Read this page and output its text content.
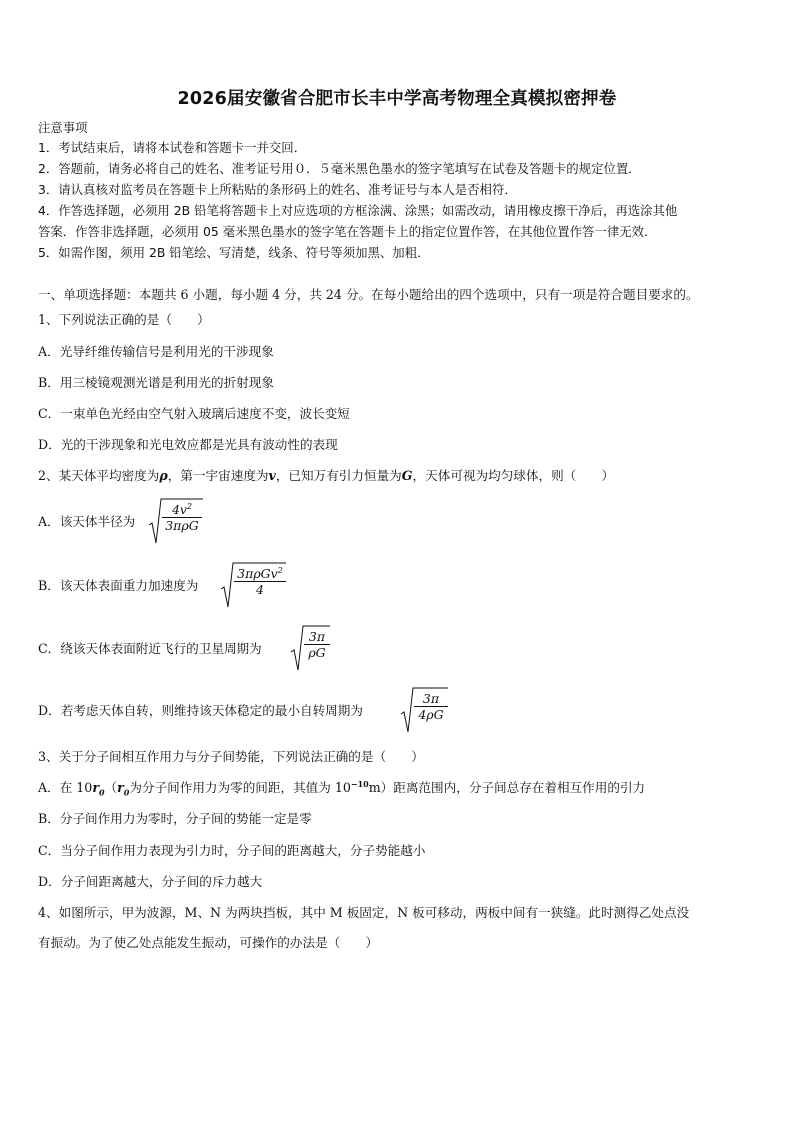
2026届安徽省合肥市长丰中学高考物理全真模拟密押卷
注意事项
1．考试结束后，请将本试卷和答题卡一并交回．
2．答题前，请务必将自己的姓名、准考证号用０．５毫米黑色墨水的签字笔填写在试卷及答题卡的规定位置．
3．请认真核对监考员在答题卡上所粘贴的条形码上的姓名、准考证号与本人是否相符．
4．作答选择题，必须用 2B 铅笔将答题卡上对应选项的方框涂满、涂黑；如需改动，请用橡皮擦干净后，再选涂其他
答案．作答非选择题，必须用 05 毫米黑色墨水的签字笔在答题卡上的指定位置作答，在其他位置作答一律无效．
5．如需作图，须用 2B 铅笔绘、写清楚，线条、符号等须加黑、加粗．
一、单项选择题：本题共 6 小题，每小题 4 分，共 24 分。在每小题给出的四个选项中，只有一项是符合题目要求的。
1、下列说法正确的是（　　）
A．光导纤维传输信号是利用光的干涉现象
B．用三棱镜观测光谱是利用光的折射现象
C．一束单色光经由空气射入玻璃后速度不变，波长变短
D．光的干涉现象和光电效应都是光具有波动性的表现
2、某天体平均密度为ρ，第一宇宙速度为v，已知万有引力恒量为G，天体可视为均匀球体，则（　　）
A．该天体半径为
$4v^2$
3πρG
B．该天体表面重力加速度为
3πρGv$^2$
4
C．绕该天体表面附近飞行的卫星周期为
3π
ρG
D．若考虑天体自转，则维持该天体稳定的最小自转周期为
3π
4ρG
3、关于分子间相互作用力与分子间势能，下列说法正确的是（　　）
A．在 $10r_0(r_0$为分子间作用力为零的间距，其值为 $10^{-10}m$）距离范围内，分子间总存在着相互作用的引力
B．分子间作用力为零时，分子间的势能一定是零
C．当分子间作用力表现为引力时，分子间的距离越大，分子势能越小
D．分子间距离越大，分子间的斥力越大
4、如图所示，甲为波源，M、N 为两块挡板，其中 M 板固定，N 板可移动，两板中间有一狭缝。此时测得乙处点没
有振动。为了使乙处点能发生振动，可操作的办法是（　　）
